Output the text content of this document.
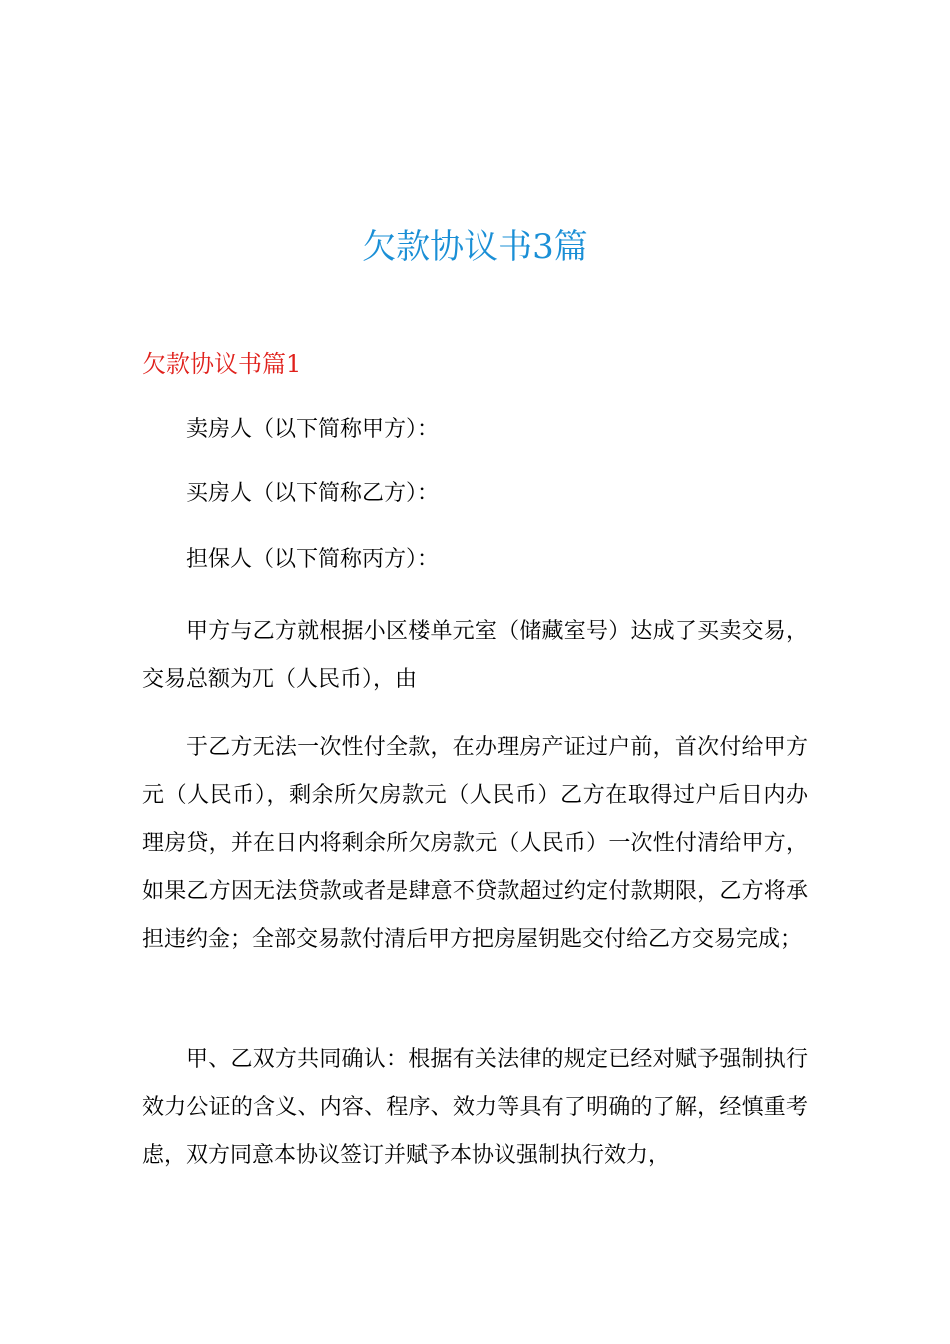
欠款协议书3篇
欠款协议书篇1

卖房人（以下简称甲方）：

买房人（以下简称乙方）：

担保人（以下简称丙方）：

甲方与乙方就根据小区楼单元室（储藏室号）达成了买卖交易，交易总额为兀（人民币），由

于乙方无法一次性付全款，在办理房产证过户前，首次付给甲方元（人民币），剩余所欠房款元（人民币）乙方在取得过户后日内办理房贷，并在日内将剩余所欠房款元（人民币）一次性付清给甲方，如果乙方因无法贷款或者是肆意不贷款超过约定付款期限，乙方将承担违约金；全部交易款付清后甲方把房屋钥匙交付给乙方交易完成；

甲、乙双方共同确认：根据有关法律的规定已经对赋予强制执行效力公证的含义、内容、程序、效力等具有了明确的了解，经慎重考虑，双方同意本协议签订并赋予本协议强制执行效力，
